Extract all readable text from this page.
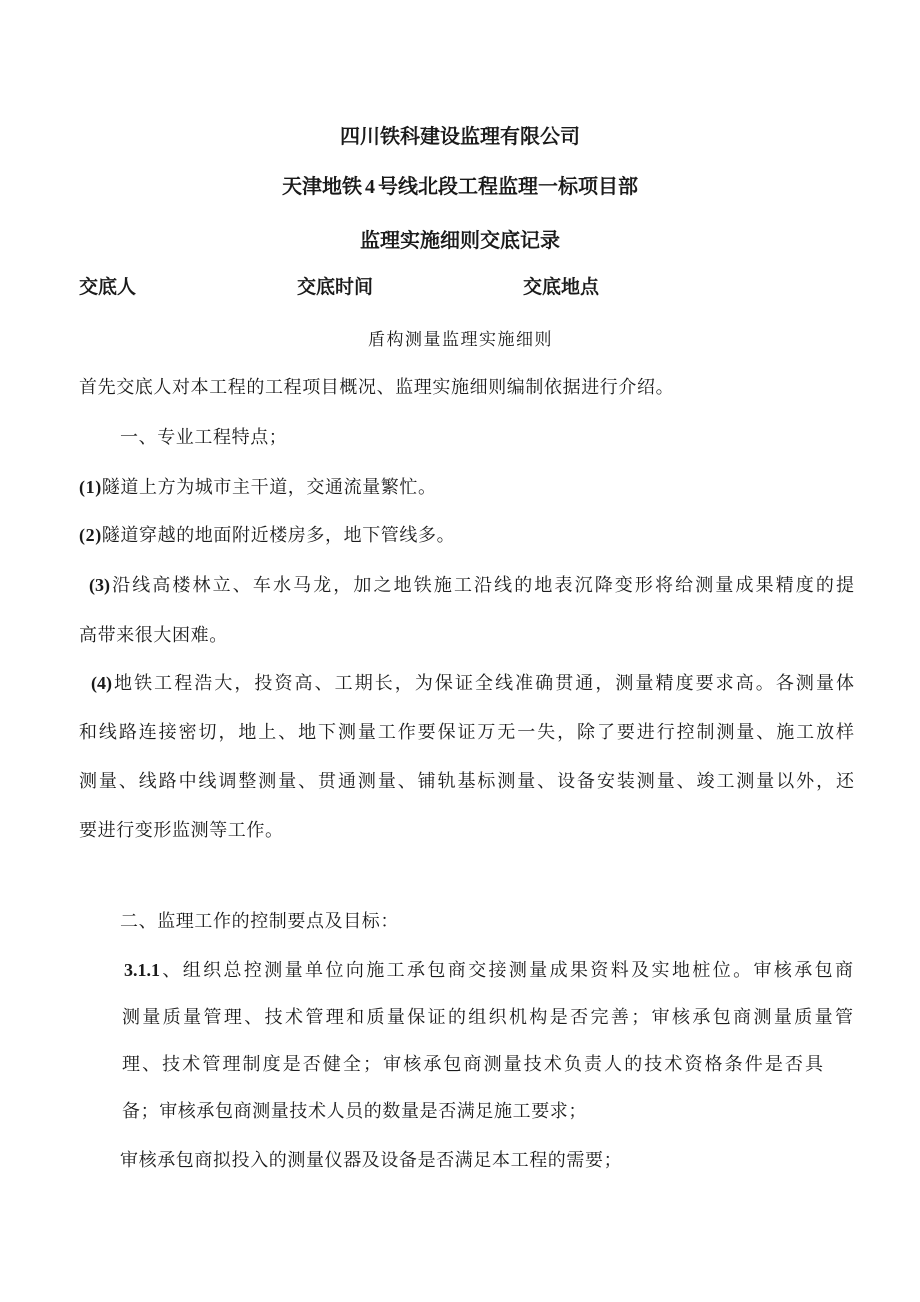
四川铁科建设监理有限公司
天津地铁 4 号线北段工程监理一标项目部
监理实施细则交底记录
交底人	交底时间	交底地点
盾构测量监理实施细则
首先交底人对本工程的工程项目概况、监理实施细则编制依据进行介绍。
一、专业工程特点；
(1)隧道上方为城市主干道，交通流量繁忙。
(2)隧道穿越的地面附近楼房多，地下管线多。
(3)沿线高楼林立、车水马龙，加之地铁施工沿线的地表沉降变形将给测量成果精度的提
高带来很大困难。
(4)地铁工程浩大，投资高、工期长，为保证全线准确贯通，测量精度要求高。各测量体
和线路连接密切，地上、地下测量工作要保证万无一失，除了要进行控制测量、施工放样
测量、线路中线调整测量、贯通测量、铺轨基标测量、设备安装测量、竣工测量以外，还
要进行变形监测等工作。
二、监理工作的控制要点及目标：
3.1.1、组织总控测量单位向施工承包商交接测量成果资料及实地桩位。审核承包商
测量质量管理、技术管理和质量保证的组织机构是否完善；审核承包商测量质量管
理、技术管理制度是否健全；审核承包商测量技术负责人的技术资格条件是否具
备；审核承包商测量技术人员的数量是否满足施工要求；
审核承包商拟投入的测量仪器及设备是否满足本工程的需要；
